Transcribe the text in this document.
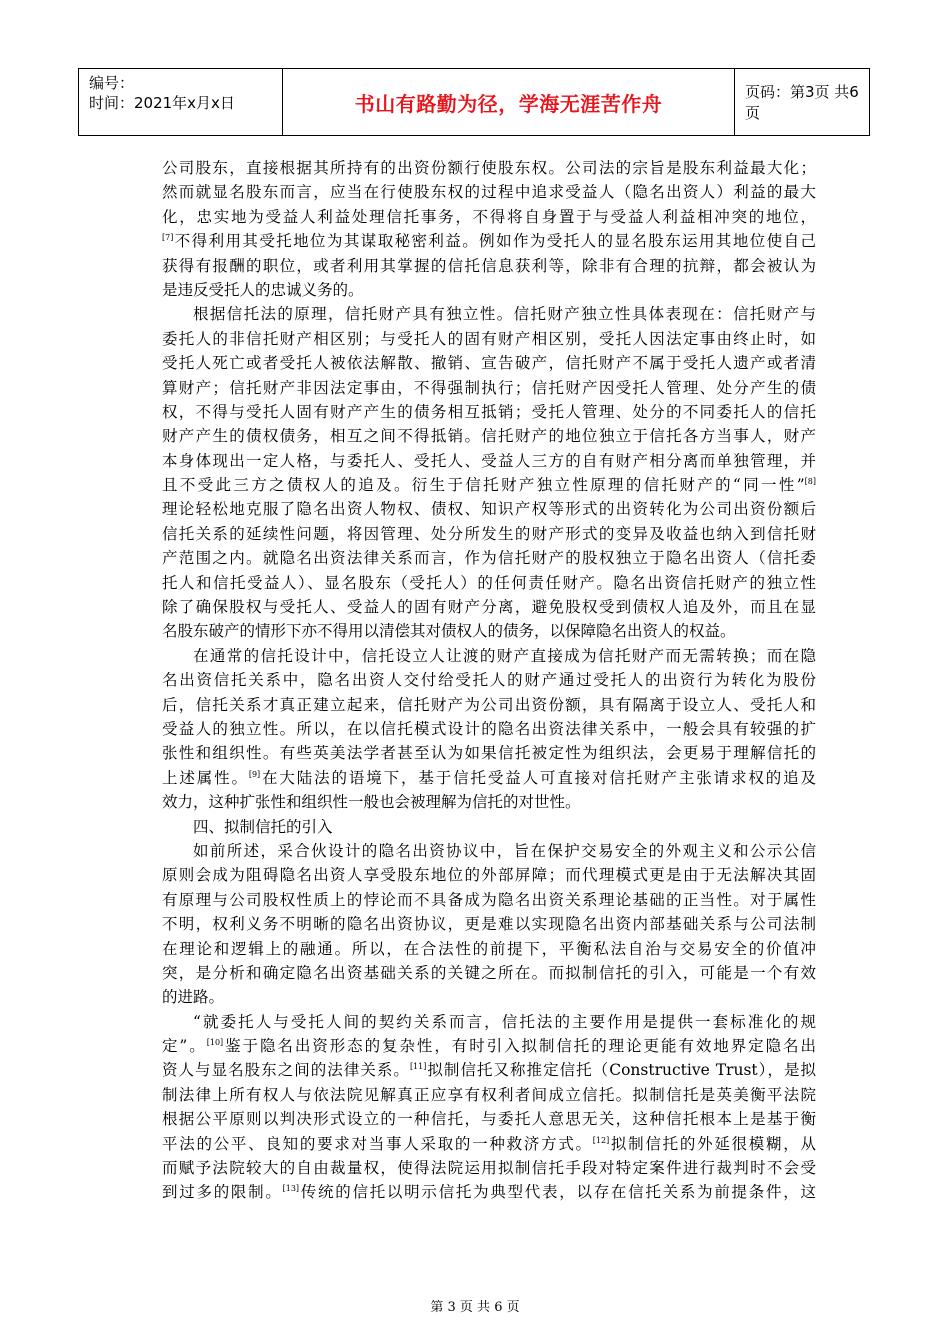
编号：
时间：2021年x月x日	书山有路勤为径，学海无涯苦作舟	页码：第3页 共6页
公司股东，直接根据其所持有的出资份额行使股东权。公司法的宗旨是股东利益最大化；
然而就显名股东而言，应当在行使股东权的过程中追求受益人（隐名出资人）利益的最大
化，忠实地为受益人利益处理信托事务，不得将自身置于与受益人利益相冲突的地位，
[7]不得利用其受托地位为其谋取秘密利益。例如作为受托人的显名股东运用其地位使自己
获得有报酬的职位，或者利用其掌握的信托信息获利等，除非有合理的抗辩，都会被认为
是违反受托人的忠诚义务的。
根据信托法的原理，信托财产具有独立性。信托财产独立性具体表现在：信托财产与
委托人的非信托财产相区别；与受托人的固有财产相区别，受托人因法定事由终止时，如
受托人死亡或者受托人被依法解散、撤销、宣告破产，信托财产不属于受托人遗产或者清
算财产；信托财产非因法定事由，不得强制执行；信托财产因受托人管理、处分产生的债
权，不得与受托人固有财产产生的债务相互抵销；受托人管理、处分的不同委托人的信托
财产产生的债权债务，相互之间不得抵销。信托财产的地位独立于信托各方当事人，财产
本身体现出一定人格，与委托人、受托人、受益人三方的自有财产相分离而单独管理，并
且不受此三方之债权人的追及。衍生于信托财产独立性原理的信托财产的“同一性”[8]
理论轻松地克服了隐名出资人物权、债权、知识产权等形式的出资转化为公司出资份额后
信托关系的延续性问题，将因管理、处分所发生的财产形式的变异及收益也纳入到信托财
产范围之内。就隐名出资法律关系而言，作为信托财产的股权独立于隐名出资人（信托委
托人和信托受益人）、显名股东（受托人）的任何责任财产。隐名出资信托财产的独立性
除了确保股权与受托人、受益人的固有财产分离，避免股权受到债权人追及外，而且在显
名股东破产的情形下亦不得用以清偿其对债权人的债务，以保障隐名出资人的权益。
在通常的信托设计中，信托设立人让渡的财产直接成为信托财产而无需转换；而在隐
名出资信托关系中，隐名出资人交付给受托人的财产通过受托人的出资行为转化为股份
后，信托关系才真正建立起来，信托财产为公司出资份额，具有隔离于设立人、受托人和
受益人的独立性。所以，在以信托模式设计的隐名出资法律关系中，一般会具有较强的扩
张性和组织性。有些英美法学者甚至认为如果信托被定性为组织法，会更易于理解信托的
上述属性。[9]在大陆法的语境下，基于信托受益人可直接对信托财产主张请求权的追及
效力，这种扩张性和组织性一般也会被理解为信托的对世性。
四、拟制信托的引入
如前所述，采合伙设计的隐名出资协议中，旨在保护交易安全的外观主义和公示公信
原则会成为阻碍隐名出资人享受股东地位的外部屏障；而代理模式更是由于无法解决其固
有原理与公司股权性质上的悖论而不具备成为隐名出资关系理论基础的正当性。对于属性
不明，权利义务不明晰的隐名出资协议，更是难以实现隐名出资内部基础关系与公司法制
在理论和逻辑上的融通。所以，在合法性的前提下，平衡私法自治与交易安全的价值冲
突，是分析和确定隐名出资基础关系的关键之所在。而拟制信托的引入，可能是一个有效
的进路。
“就委托人与受托人间的契约关系而言，信托法的主要作用是提供一套标准化的规
定”。[10]鉴于隐名出资形态的复杂性，有时引入拟制信托的理论更能有效地界定隐名出
资人与显名股东之间的法律关系。[11]拟制信托又称推定信托（Constructive Trust），是拟
制法律上所有权人与依法院见解真正应享有权利者间成立信托。拟制信托是英美衡平法院
根据公平原则以判决形式设立的一种信托，与委托人意思无关，这种信托根本上是基于衡
平法的公平、良知的要求对当事人采取的一种救济方式。[12]拟制信托的外延很模糊，从
而赋予法院较大的自由裁量权，使得法院运用拟制信托手段对特定案件进行裁判时不会受
到过多的限制。[13]传统的信托以明示信托为典型代表，以存在信托关系为前提条件，这
第 3 页 共 6 页
